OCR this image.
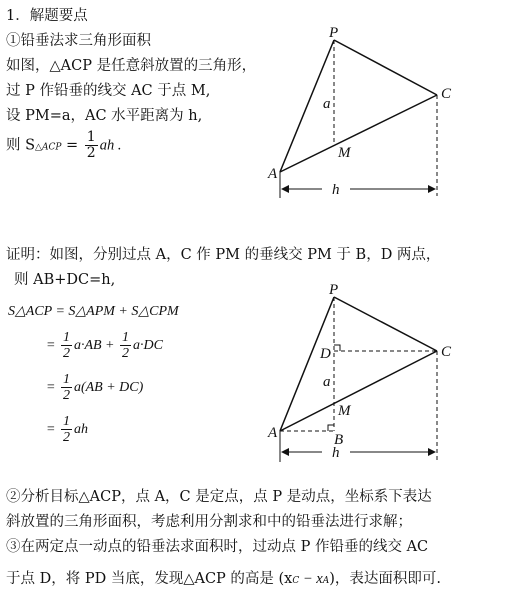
1．解题要点
①铅垂法求三角形面积
如图，△ACP 是任意斜放置的三角形，
过 P 作铅垂的线交 AC 于点 M,
设 PM=a，AC 水平距离为 h,
则 S△ACP = $\frac{1}{2}$ ah .
P
C
A
M
a
h
证明：如图，分别过点 A，C 作 PM 的垂线交 PM 于 B，D 两点，
则 AB+DC=h,
S△ACP = S△APM + S△CPM
= $\frac{1}{2} a\cdot AB + \frac{1}{2} a\cdot DC$
= $\frac{1}{2} a(AB + DC)$
= $\frac{1}{2}$ ah
P
C
A
M
D
B
a
h
②分析目标△ACP，点 A，C 是定点，点 P 是动点，坐标系下表达
斜放置的三角形面积，考虑利用分割求和中的铅垂法进行求解；
③在两定点一动点的铅垂法求面积时，过动点 P 作铅垂的线交 AC
于点 D，将 PD 当底，发现△ACP 的高是 (xC − xA)，表达面积即可.
